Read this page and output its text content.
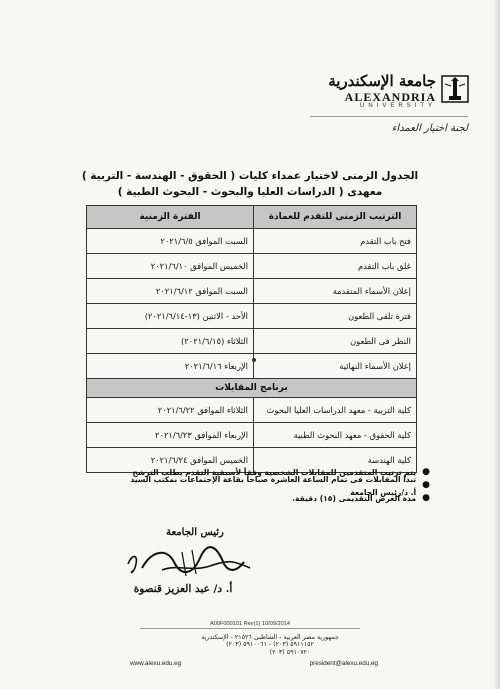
جامعة الإسكندرية
ALEXANDRIA
UNIVERSITY
لجنة اختيار العمداء
الجدول الزمنى لاختيار عمداء كليات ( الحقوق - الهندسة - التربية )
معهدى ( الدراسات العليا والبحوث - البحوث الطبية )
الترتيب الزمنى للتقدم للعمادة	الفترة الزمنية
فتح باب التقدم	السبت الموافق ٢٠٢١/٦/٥
غلق باب التقدم	الخميس الموافق ٢٠٢١/٦/١٠
إعلان الأسماء المتقدمة	السبت الموافق ٢٠٢١/٦/١٢
فترة تلقى الطعون	الأحد - الاثنين (١٣-٢٠٢١/٦/١٤)
النظر فى الطعون	الثلاثاء (٢٠٢١/٦/١٥)
إعلان الأسماء النهائية	الإربعاء ٢٠٢١/٦/١٦
برنامج المقابلات	
كلية التربية - معهد الدراسات العليا البحوث	الثلاثاء الموافق ٢٠٢١/٦/٢٢
كلية الحقوق - معهد البحوث الطبية	الإربعاء الموافق ٢٠٢١/٦/٢٣
كلية الهندسة	الخميس الموافق ٢٠٢١/٦/٢٤
●
يتم ترتيب المتقدمين للمقابلات الشخصية وفقاً لأسبقية التقدم بطلب الترشح
●
تبدأ المقابلات فى تمام الساعة العاشرة صباحاً بقاعة الإجتماعات بمكتب السيد أ. د/رئيس الجامعة
●
مدة العرض التقديمى (١٥) دقيقة.
رئيس الجامعة
أ. د/ عبد العزيز قنصوة
A00F000101 Rev(1) 10/09/2014
جمهورية مصر العربية - الشاطبى ٢١٥٢٦ - الإسكندرية
٥٩١١١٥٢ (٢٠٣) - ٥٩١٠٠٦١ (٢٠٣)
٥٩١٠٧٢٠ (٢٠٣)
www.alexu.edu.eg	president@alexu.edu.eg
